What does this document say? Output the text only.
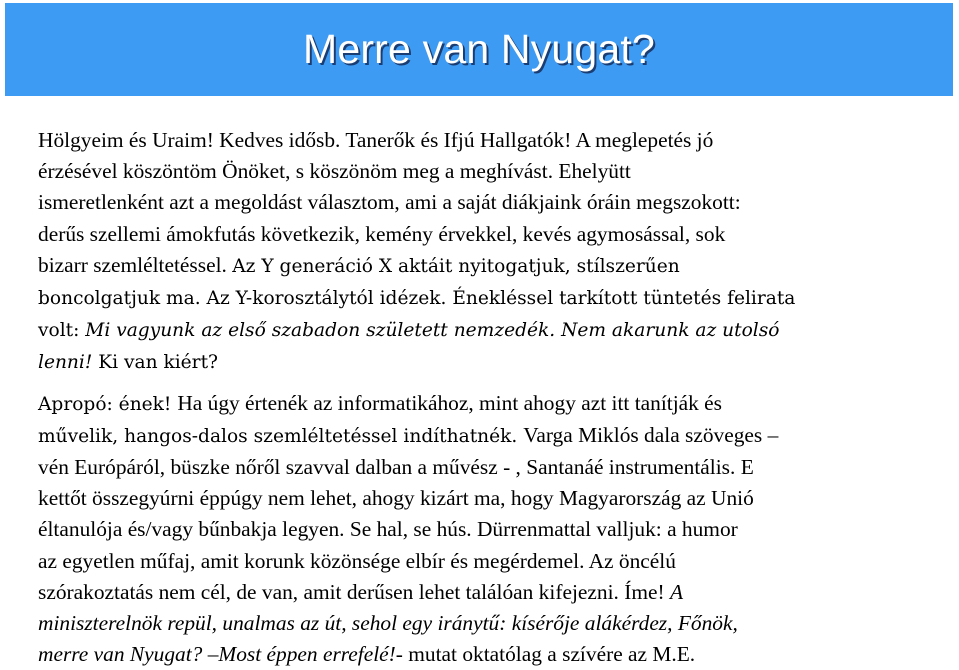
Merre van Nyugat?

Hölgyeim és Uraim! Kedves idősb. Tanerők és Ifjú Hallgatók! A meglepetés jó
érzésével köszöntöm Önöket, s köszönöm meg a meghívást. Ehelyütt
ismeretlenként azt a megoldást választom, ami a saját diákjaink óráin megszokott:
derűs szellemi ámokfutás következik, kemény érvekkel, kevés agymosással, sok
bizarr szemléltetéssel. Az Y generáció X aktáit nyitogatjuk, stílszerűen
boncolgatjuk ma. Az Y-korosztálytól idézek. Énekléssel tarkított tüntetés felirata
volt: Mi vagyunk az első szabadon született nemzedék. Nem akarunk az utolsó
lenni! Ki van kiért?

Apropó: ének! Ha úgy értenék az informatikához, mint ahogy azt itt tanítják és
művelik, hangos-dalos szemléltetéssel indíthatnék. Varga Miklós dala szöveges –
vén Európáról, büszke nőről szavval dalban a művész - , Santanáé instrumentális. E
kettőt összegyúrni éppúgy nem lehet, ahogy kizárt ma, hogy Magyarország az Unió
éltanulója és/vagy bűnbakja legyen. Se hal, se hús. Dürrenmattal valljuk: a humor
az egyetlen műfaj, amit korunk közönsége elbír és megérdemel. Az öncélú
szórakoztatás nem cél, de van, amit derűsen lehet találóan kifejezni. Íme! A
miniszterelnök repül, unalmas az út, sehol egy iránytű: kísérője alákérdez, Főnök,
merre van Nyugat? –Most éppen errefelé!- mutat oktatólag a szívére az M.E.
